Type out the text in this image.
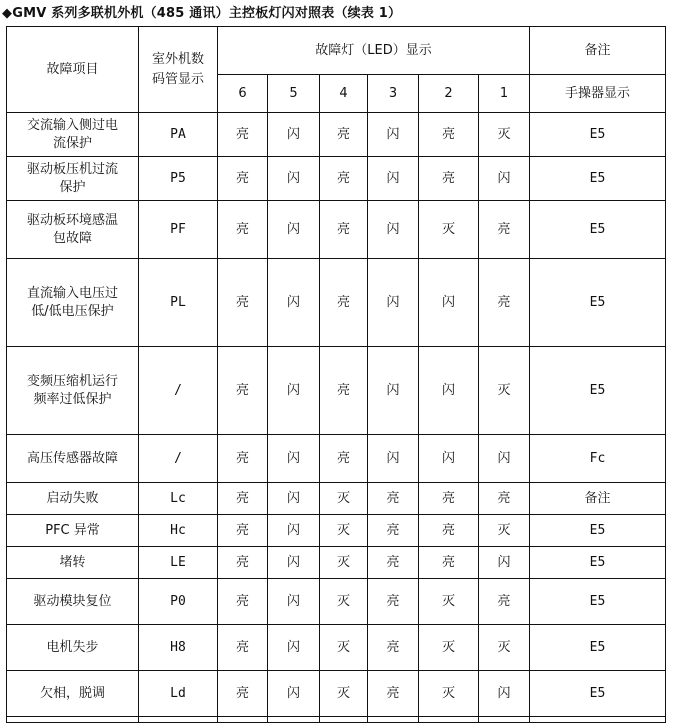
◆GMV 系列多联机外机（485 通讯）主控板灯闪对照表（续表 1）
故障项目	室外机数码管显示	故障灯（LED）显示						备注
		6	5	4	3	2	1	手操器显示
交流输入侧过电流保护	PA	亮	闪	亮	闪	亮	灭	E5
驱动板压机过流保护	P5	亮	闪	亮	闪	亮	闪	E5
驱动板环境感温包故障	PF	亮	闪	亮	闪	灭	亮	E5
直流输入电压过低/低电压保护	PL	亮	闪	亮	闪	闪	亮	E5
变频压缩机运行频率过低保护	/	亮	闪	亮	闪	闪	灭	E5
高压传感器故障	/	亮	闪	亮	闪	闪	闪	Fc
启动失败	Lc	亮	闪	灭	亮	亮	亮	备注
PFC 异常	Hc	亮	闪	灭	亮	亮	灭	E5
堵转	LE	亮	闪	灭	亮	亮	闪	E5
驱动模块复位	P0	亮	闪	灭	亮	灭	亮	E5
电机失步	H8	亮	闪	灭	亮	灭	灭	E5
欠相，脱调	Ld	亮	闪	灭	亮	灭	闪	E5
